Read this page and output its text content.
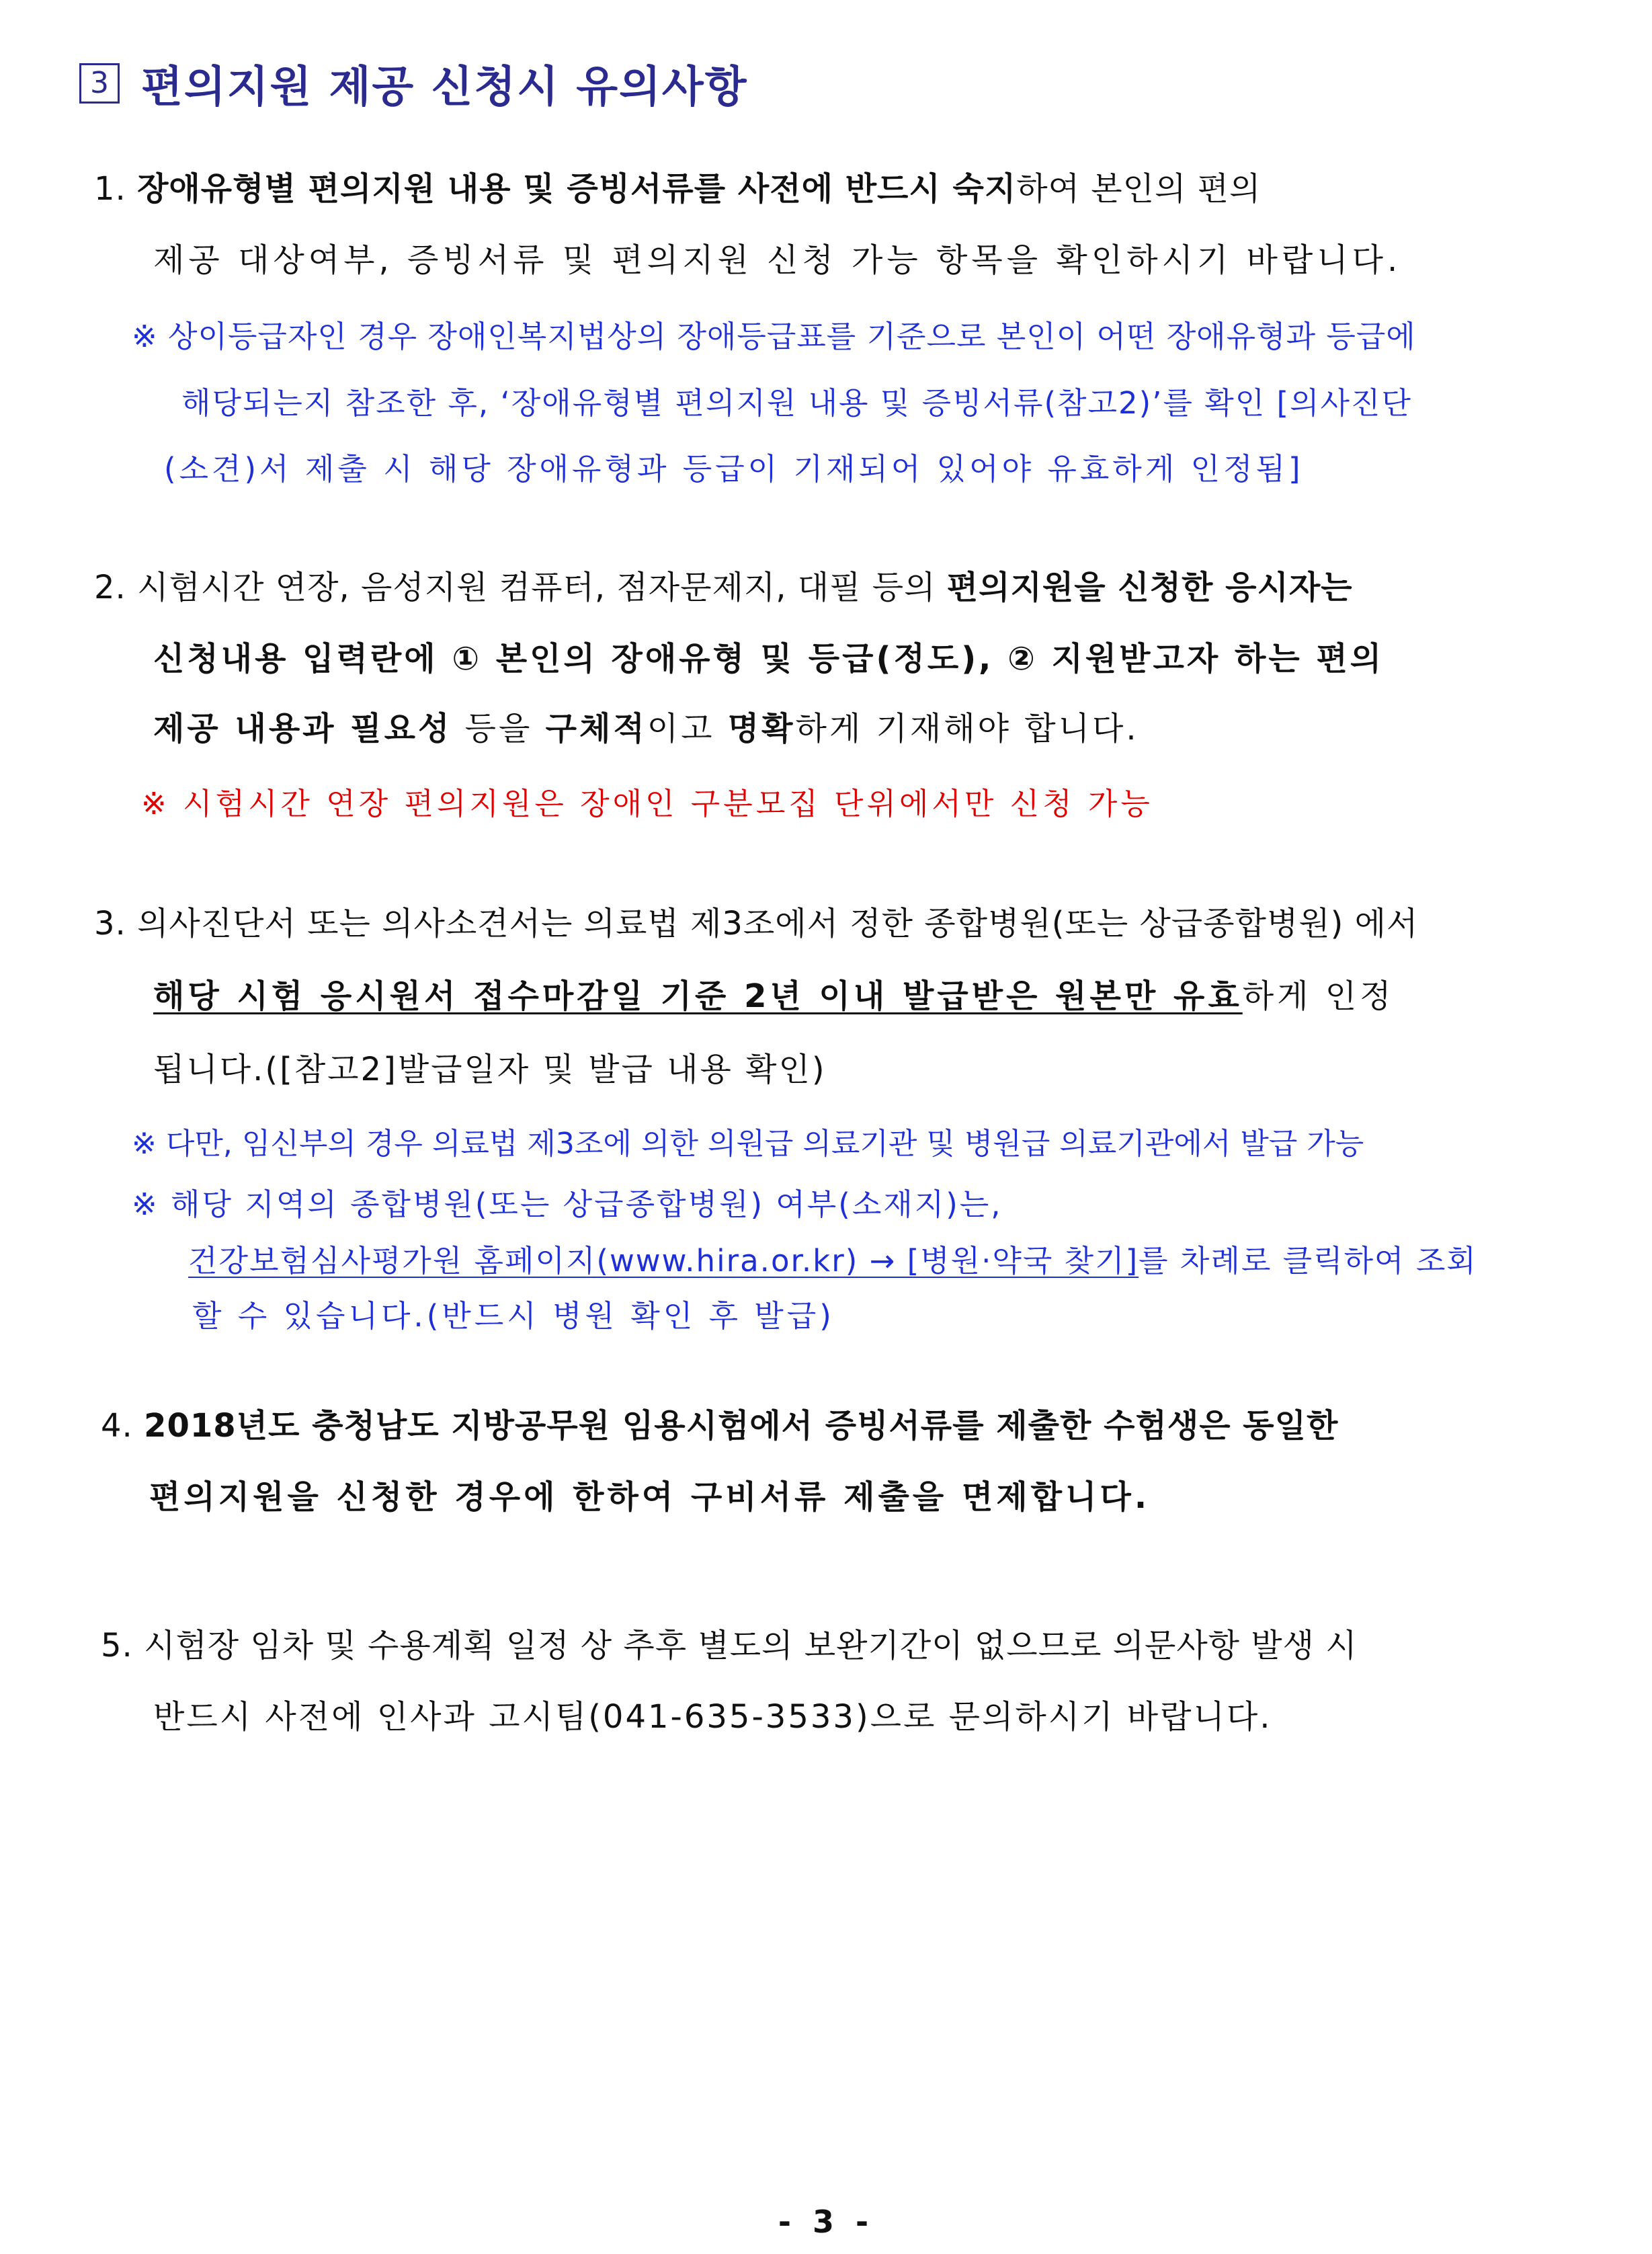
3 편의지원 제공 신청시 유의사항
1. 장애유형별 편의지원 내용 및 증빙서류를 사전에 반드시 숙지하여 본인의 편의
제공 대상여부, 증빙서류 및 편의지원 신청 가능 항목을 확인하시기 바랍니다.
※ 상이등급자인 경우 장애인복지법상의 장애등급표를 기준으로 본인이 어떤 장애유형과 등급에
해당되는지 참조한 후, ‘장애유형별 편의지원 내용 및 증빙서류(참고2)’를 확인 [의사진단
(소견)서 제출 시 해당 장애유형과 등급이 기재되어 있어야 유효하게 인정됨]
2. 시험시간 연장, 음성지원 컴퓨터, 점자문제지, 대필 등의 편의지원을 신청한 응시자는
신청내용 입력란에 ① 본인의 장애유형 및 등급(정도), ② 지원받고자 하는 편의
제공 내용과 필요성 등을 구체적이고 명확하게 기재해야 합니다.
※ 시험시간 연장 편의지원은 장애인 구분모집 단위에서만 신청 가능
3. 의사진단서 또는 의사소견서는 의료법 제3조에서 정한 종합병원(또는 상급종합병원) 에서
해당 시험 응시원서 접수마감일 기준 2년 이내 발급받은 원본만 유효하게 인정
됩니다.([참고2]발급일자 및 발급 내용 확인)
※ 다만, 임신부의 경우 의료법 제3조에 의한 의원급 의료기관 및 병원급 의료기관에서 발급 가능
※ 해당 지역의 종합병원(또는 상급종합병원) 여부(소재지)는,
건강보험심사평가원 홈페이지(www.hira.or.kr) → [병원·약국 찾기]를 차례로 클릭하여 조회
할 수 있습니다.(반드시 병원 확인 후 발급)
4. 2018년도 충청남도 지방공무원 임용시험에서 증빙서류를 제출한 수험생은 동일한
편의지원을 신청한 경우에 한하여 구비서류 제출을 면제합니다.
5. 시험장 임차 및 수용계획 일정 상 추후 별도의 보완기간이 없으므로 의문사항 발생 시
반드시 사전에 인사과 고시팀(041-635-3533)으로 문의하시기 바랍니다.
- 3 -
